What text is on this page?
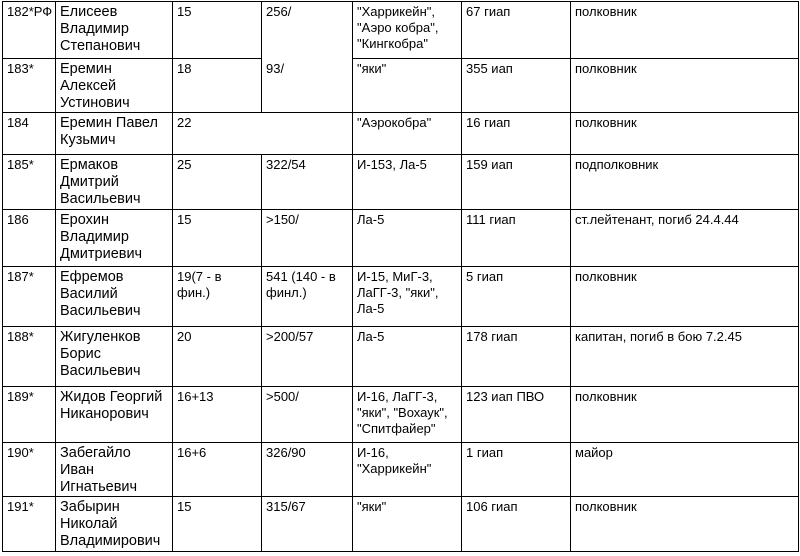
182*РФ	Елисеев Владимир Степанович	15	256/	"Харрикейн", "Аэро кобра", "Кингкобра"	67 гиап	полковник
183*	Еремин Алексей Устинович	18	93/	"яки"	355 иап	полковник
184	Еремин Павел Кузьмич	22		"Аэрокобра"	16 гиап	полковник
185*	Ермаков Дмитрий Васильевич	25	322/54	И-153, Ла-5	159 иап	подполковник
186	Ерохин Владимир Дмитриевич	15	>150/	Ла-5	111 гиап	ст.лейтенант, погиб 24.4.44
187*	Ефремов Василий Васильевич	19(7 - в фин.)	541 (140 - в финл.)	И-15, МиГ-3, ЛаГГ-3, "яки", Ла-5	5 гиап	полковник
188*	Жигуленков Борис Васильевич	20	>200/57	Ла-5	178 гиап	капитан, погиб в бою 7.2.45
189*	Жидов Георгий Никанорович	16+13	>500/	И-16, ЛаГГ-3, "яки", "Вохаук", "Спитфайер"	123 иап ПВО	полковник
190*	Забегайло Иван Игнатьевич	16+6	326/90	И-16, "Харрикейн"	1 гиап	майор
191*	Забырин Николай Владимирович	15	315/67	"яки"	106 гиап	полковник
